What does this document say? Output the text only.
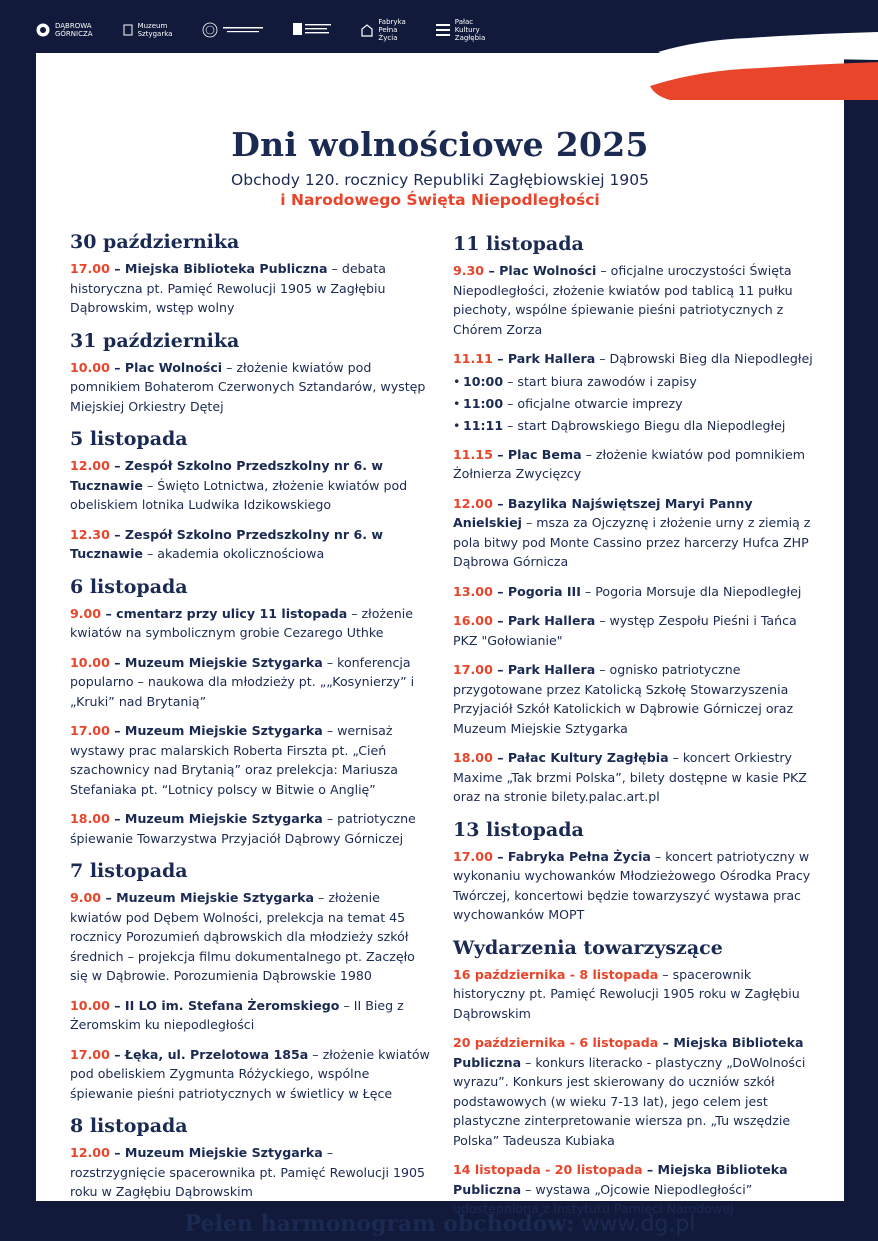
DĄBROWA
GÓRNICZA
Muzeum
Sztygarka
Fabryka
Pełna
Życia
Pałac
Kultury
Zagłębia
Dni wolnościowe 2025
Obchody 120. rocznicy Republiki Zagłębiowskiej 1905
i Narodowego Święta Niepodległości
30 października
17.00 – Miejska Biblioteka Publiczna – debata historyczna pt. Pamięć Rewolucji 1905 w Zagłębiu Dąbrowskim, wstęp wolny
31 października
10.00 – Plac Wolności – złożenie kwiatów pod pomnikiem Bohaterom Czerwonych Sztandarów, występ Miejskiej Orkiestry Dętej
5 listopada
12.00 – Zespół Szkolno Przedszkolny nr 6. w Tucznawie – Święto Lotnictwa, złożenie kwiatów pod obeliskiem lotnika Ludwika Idzikowskiego
12.30 – Zespół Szkolno Przedszkolny nr 6. w Tucznawie – akademia okolicznościowa
6 listopada
9.00 – cmentarz przy ulicy 11 listopada – złożenie kwiatów na symbolicznym grobie Cezarego Uthke
10.00 – Muzeum Miejskie Sztygarka – konferencja popularno – naukowa dla młodzieży pt. „„Kosynierzy” i „Kruki” nad Brytanią”
17.00 – Muzeum Miejskie Sztygarka – wernisaż wystawy prac malarskich Roberta Firszta pt. „Cień szachownicy nad Brytanią” oraz prelekcja: Mariusza Stefaniaka pt. “Lotnicy polscy w Bitwie o Anglię”
18.00 – Muzeum Miejskie Sztygarka – patriotyczne śpiewanie Towarzystwa Przyjaciół Dąbrowy Górniczej
7 listopada
9.00 – Muzeum Miejskie Sztygarka – złożenie kwiatów pod Dębem Wolności, prelekcja na temat 45 rocznicy Porozumień dąbrowskich dla młodzieży szkół średnich – projekcja filmu dokumentalnego pt. Zaczęło się w Dąbrowie. Porozumienia Dąbrowskie 1980
10.00 – II LO im. Stefana Żeromskiego – II Bieg z Żeromskim ku niepodległości
17.00 – Łęka, ul. Przelotowa 185a – złożenie kwiatów pod obeliskiem Zygmunta Różyckiego, wspólne śpiewanie pieśni patriotycznych w świetlicy w Łęce
8 listopada
12.00 – Muzeum Miejskie Sztygarka – rozstrzygnięcie spacerownika pt. Pamięć Rewolucji 1905 roku w Zagłębiu Dąbrowskim
11 listopada
9.30 – Plac Wolności – oficjalne uroczystości Święta Niepodległości, złożenie kwiatów pod tablicą 11 pułku piechoty, wspólne śpiewanie pieśni patriotycznych z Chórem Zorza
11.11 – Park Hallera – Dąbrowski Bieg dla Niepodległej
• 10:00 – start biura zawodów i zapisy
• 11:00 – oficjalne otwarcie imprezy
• 11:11 – start Dąbrowskiego Biegu dla Niepodległej
11.15 – Plac Bema – złożenie kwiatów pod pomnikiem Żołnierza Zwycięzcy
12.00 – Bazylika Najświętszej Maryi Panny Anielskiej – msza za Ojczyznę i złożenie urny z ziemią z pola bitwy pod Monte Cassino przez harcerzy Hufca ZHP Dąbrowa Górnicza
13.00 – Pogoria III – Pogoria Morsuje dla Niepodległej
16.00 – Park Hallera – występ Zespołu Pieśni i Tańca PKZ "Gołowianie"
17.00 – Park Hallera – ognisko patriotyczne przygotowane przez Katolicką Szkołę Stowarzyszenia Przyjaciół Szkół Katolickich w Dąbrowie Górniczej oraz Muzeum Miejskie Sztygarka
18.00 – Pałac Kultury Zagłębia – koncert Orkiestry Maxime „Tak brzmi Polska”, bilety dostępne w kasie PKZ oraz na stronie bilety.palac.art.pl
13 listopada
17.00 – Fabryka Pełna Życia – koncert patriotyczny w wykonaniu wychowanków Młodzieżowego Ośrodka Pracy Twórczej, koncertowi będzie towarzyszyć wystawa prac wychowanków MOPT
Wydarzenia towarzyszące
16 października - 8 listopada – spacerownik historyczny pt. Pamięć Rewolucji 1905 roku w Zagłębiu Dąbrowskim
20 października - 6 listopada – Miejska Biblioteka Publiczna – konkurs literacko - plastyczny „DoWolności wyrazu”. Konkurs jest skierowany do uczniów szkół podstawowych (w wieku 7-13 lat), jego celem jest plastyczne zinterpretowanie wiersza pn. „Tu wszędzie Polska” Tadeusza Kubiaka
14 listopada - 20 listopada – Miejska Biblioteka Publiczna – wystawa „Ojcowie Niepodległości” udostępniona z Instytutu Pamięci Narodowej
Pełen harmonogram obchodów: www.dg.pl
